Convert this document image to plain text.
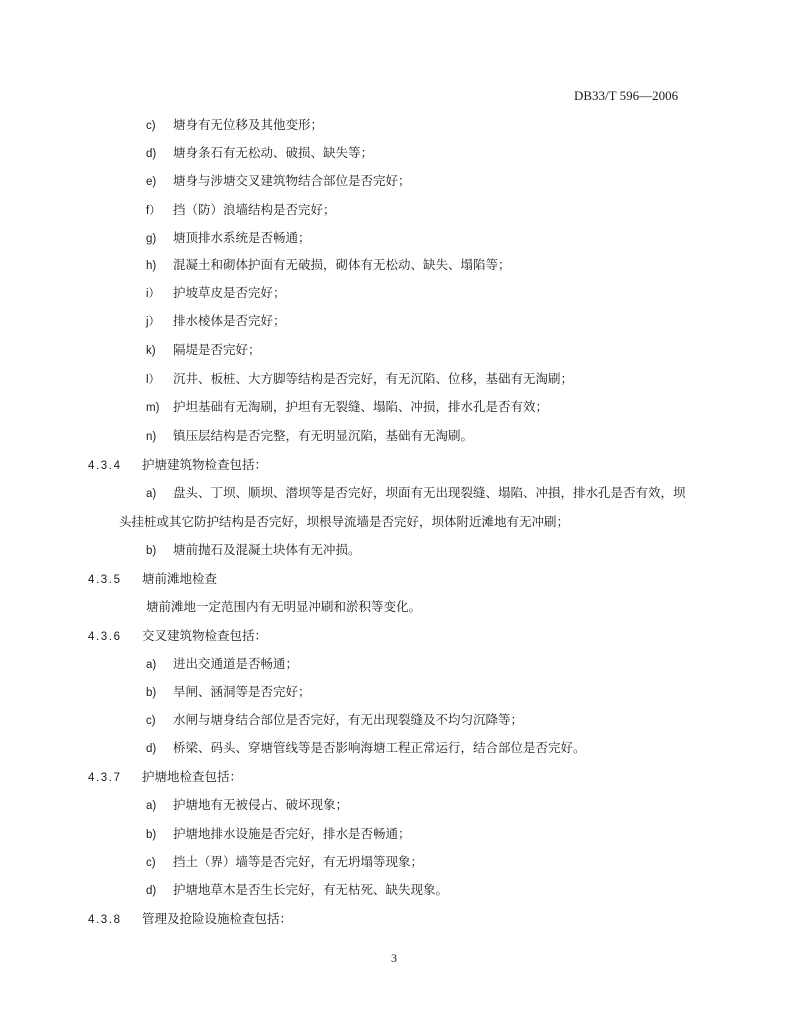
DB33/T 596—2006
c) 塘身有无位移及其他变形；
d) 塘身条石有无松动、破损、缺失等；
e) 塘身与涉塘交叉建筑物结合部位是否完好；
f） 挡（防）浪墙结构是否完好；
g) 塘顶排水系统是否畅通；
h) 混凝土和砌体护面有无破损，砌体有无松动、缺失、塌陷等；
i） 护坡草皮是否完好；
j） 排水棱体是否完好；
k) 隔堤是否完好；
l） 沉井、板桩、大方脚等结构是否完好，有无沉陷、位移，基础有无淘刷；
m) 护坦基础有无淘刷，护坦有无裂缝、塌陷、冲损，排水孔是否有效；
n) 镇压层结构是否完整，有无明显沉陷，基础有无淘刷。
4.3.4 护塘建筑物检查包括：
a) 盘头、丁坝、顺坝、潜坝等是否完好，坝面有无出现裂缝、塌陷、冲損，排水孔是否有效，坝
头挂桩或其它防护结构是否完好，坝根导流墙是否完好，坝体附近滩地有无冲刷；
b) 塘前抛石及混凝土块体有无冲损。
4.3.5 塘前滩地检查
塘前滩地一定范围内有无明显冲刷和淤积等变化。
4.3.6 交叉建筑物检查包括：
a) 进出交通道是否畅通；
b) 旱闸、涵洞等是否完好；
c) 水闸与塘身结合部位是否完好，有无出现裂缝及不均匀沉降等；
d) 桥梁、码头、穿塘管线等是否影响海塘工程正常运行，结合部位是否完好。
4.3.7 护塘地检查包括：
a) 护塘地有无被侵占、破坏现象；
b) 护塘地排水设施是否完好，排水是否畅通；
c) 挡土（界）墙等是否完好，有无坍塌等现象；
d) 护塘地草木是否生长完好，有无枯死、缺失现象。
4.3.8 管理及抢险设施检查包括：
3
